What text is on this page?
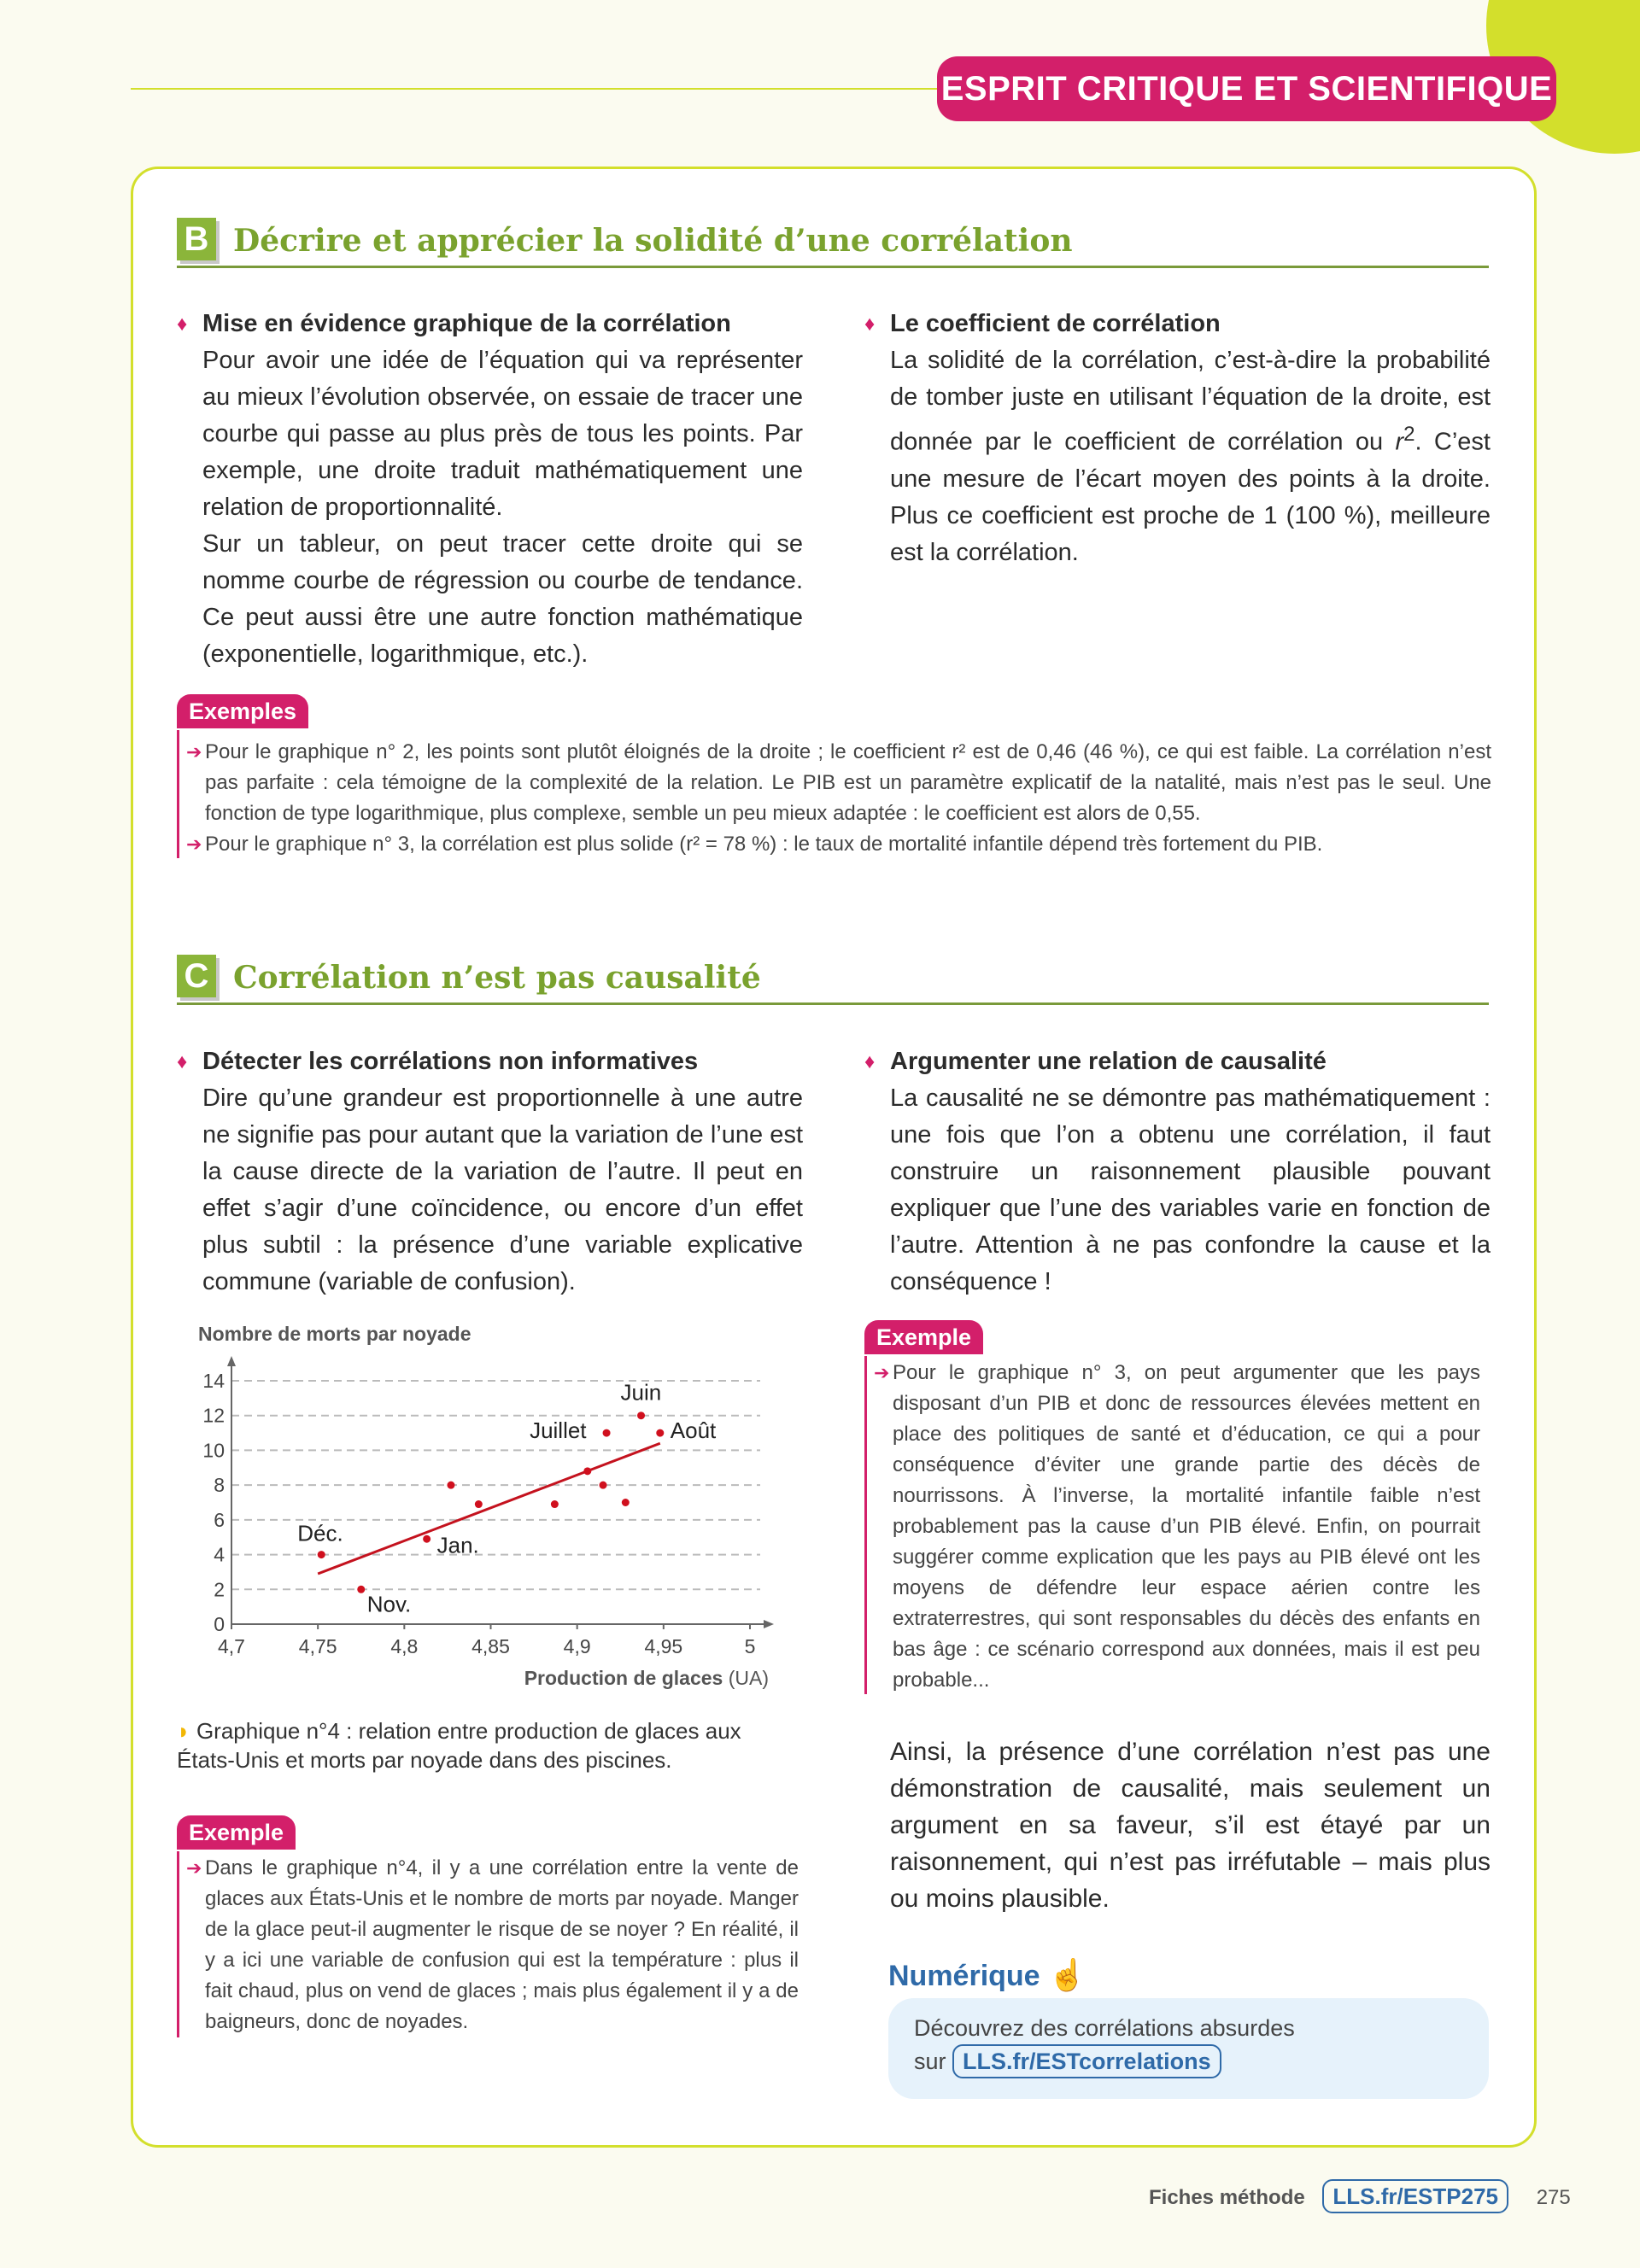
ESPRIT CRITIQUE ET SCIENTIFIQUE
B Décrire et apprécier la solidité d’une corrélation
♦ Mise en évidence graphique de la corrélation
Pour avoir une idée de l’équation qui va représenter au mieux l’évolution observée, on essaie de tracer une courbe qui passe au plus près de tous les points. Par exemple, une droite traduit mathématiquement une relation de proportionnalité.
Sur un tableur, on peut tracer cette droite qui se nomme courbe de régression ou courbe de tendance. Ce peut aussi être une autre fonction mathématique (exponentielle, logarithmique, etc.).
♦ Le coefficient de corrélation
La solidité de la corrélation, c’est-à-dire la probabilité de tomber juste en utilisant l’équation de la droite, est donnée par le coefficient de corrélation ou $r^2$. C’est une mesure de l’écart moyen des points à la droite. Plus ce coefficient est proche de 1 (100 %), meilleure est la corrélation.
Exemples
➔ Pour le graphique n° 2, les points sont plutôt éloignés de la droite ; le coefficient r² est de 0,46 (46 %), ce qui est faible. La corrélation n’est pas parfaite : cela témoigne de la complexité de la relation. Le PIB est un paramètre explicatif de la natalité, mais n’est pas le seul. Une fonction de type logarithmique, plus complexe, semble un peu mieux adaptée : le coefficient est alors de 0,55.
➔ Pour le graphique n° 3, la corrélation est plus solide (r² = 78 %) : le taux de mortalité infantile dépend très fortement du PIB.
C Corrélation n’est pas causalité
♦ Détecter les corrélations non informatives
Dire qu’une grandeur est proportionnelle à une autre ne signifie pas pour autant que la variation de l’une est la cause directe de la variation de l’autre. Il peut en effet s’agir d’une coïncidence, ou encore d’un effet plus subtil : la présence d’une variable explicative commune (variable de confusion).
Nombre de morts par noyade
0
2
4
6
8
10
12
14
4,7	4,75	4,8	4,85	4,9	4,95	5
Production de glaces (UA)
Déc.
Nov.
Jan.
Juillet
Juin
Août
◗ Graphique n°4 : relation entre production de glaces aux États-Unis et morts par noyade dans des piscines.
Exemple
➔ Dans le graphique n°4, il y a une corrélation entre la vente de glaces aux États-Unis et le nombre de morts par noyade. Manger de la glace peut-il augmenter le risque de se noyer ? En réalité, il y a ici une variable de confusion qui est la température : plus il fait chaud, plus on vend de glaces ; mais plus également il y a de baigneurs, donc de noyades.
♦ Argumenter une relation de causalité
La causalité ne se démontre pas mathématiquement : une fois que l’on a obtenu une corrélation, il faut construire un raisonnement plausible pouvant expliquer que l’une des variables varie en fonction de l’autre. Attention à ne pas confondre la cause et la conséquence !
Exemple
➔ Pour le graphique n° 3, on peut argumenter que les pays disposant d’un PIB et donc de ressources élevées mettent en place des politiques de santé et d’éducation, ce qui a pour conséquence d’éviter une grande partie des décès de nourrissons. À l’inverse, la mortalité infantile faible n’est probablement pas la cause d’un PIB élevé. Enfin, on pourrait suggérer comme explication que les pays au PIB élevé ont les moyens de défendre leur espace aérien contre les extraterrestres, qui sont responsables du décès des enfants en bas âge : ce scénario correspond aux données, mais il est peu probable...
Ainsi, la présence d’une corrélation n’est pas une démonstration de causalité, mais seulement un argument en sa faveur, s’il est étayé par un raisonnement, qui n’est pas irréfutable – mais plus ou moins plausible.
Numérique ☝
Découvrez des corrélations absurdes
sur LLS.fr/ESTcorrelations
Fiches méthode LLS.fr/ESTP275 275
